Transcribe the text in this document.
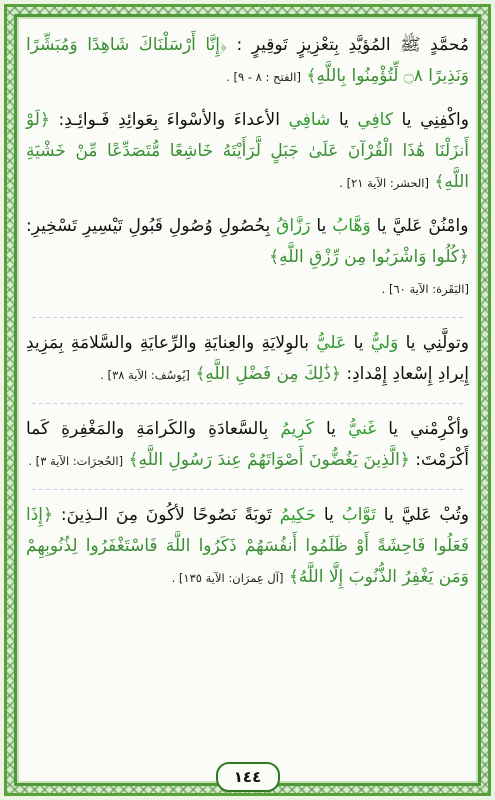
مُحمَّدٍ ﷺ المُؤيَّدِ بِتعْزِيزٍ تَوقِيرٍ : ﴿إِنَّا أَرْسَلْنَاكَ شَاهِدًا وَمُبَشِّرًا وَنَذِيرًا ۝٨ لِّتُؤْمِنُوا بِاللَّهِ﴾ [الفتح : ٨ - ٩] .

واكْفِنِي يا كافِي يا شافِي الأعداءَ والأسْواءَ بِعَوائِدِ فَـوائِـدِ: ﴿لَوْ أَنزَلْنَا هَٰذَا الْقُرْآنَ عَلَىٰ جَبَلٍ لَّرَأَيْتَهُ خَاشِعًا مُّتَصَدِّعًا مِّنْ خَشْيَةِ اللَّهِ﴾ [الحشر: الآية ٢١] .

وامْنُنْ عَليَّ يا وَهَّابُ يا رَزَّاقُ بِحُصُولِ وُصُولِ قَبُولِ تَيْسِيرِ تَسْخِيرِ: ﴿كُلُوا وَاشْرَبُوا مِن رِّزْقِ اللَّهِ﴾
[البَقَرة: الآية ٦٠] .

وتولَّنِي يا وَليُّ يا عَليُّ بالوِلايَةِ والعِنايَةِ والرِّعايَةِ والسَّلامَةِ بِمَزِيدِ إِيرادِ إِسْعادِ إِمْدادِ: ﴿ذَٰلِكَ مِن فَضْلِ اللَّهِ﴾ [يُوسُف: الآية ٣٨] .

وأكْرِمْني يا غَنيُّ يا كَرِيمُ بِالسَّعادَةِ والكَرامَةِ والمَغْفِرةِ كَما أَكْرَمْتَ: ﴿الَّذِينَ يَغُضُّونَ أَصْوَاتَهُمْ عِندَ رَسُولِ اللَّهِ﴾ [الحُجرَات: الآية ٣] .

وتُبْ عَليَّ يا تَوَّابُ يا حَكِيمُ تَوبَةً نَصُوحًا لأكُونَ مِنَ الـذِينَ: ﴿إِذَا فَعَلُوا فَاحِشَةً أَوْ ظَلَمُوا أَنفُسَهُمْ ذَكَرُوا اللَّهَ فَاسْتَغْفَرُوا لِذُنُوبِهِمْ وَمَن يَغْفِرُ الذُّنُوبَ إِلَّا اللَّهُ﴾ [آل عِمرَان: الآية ١٣٥] .

١٤٤
